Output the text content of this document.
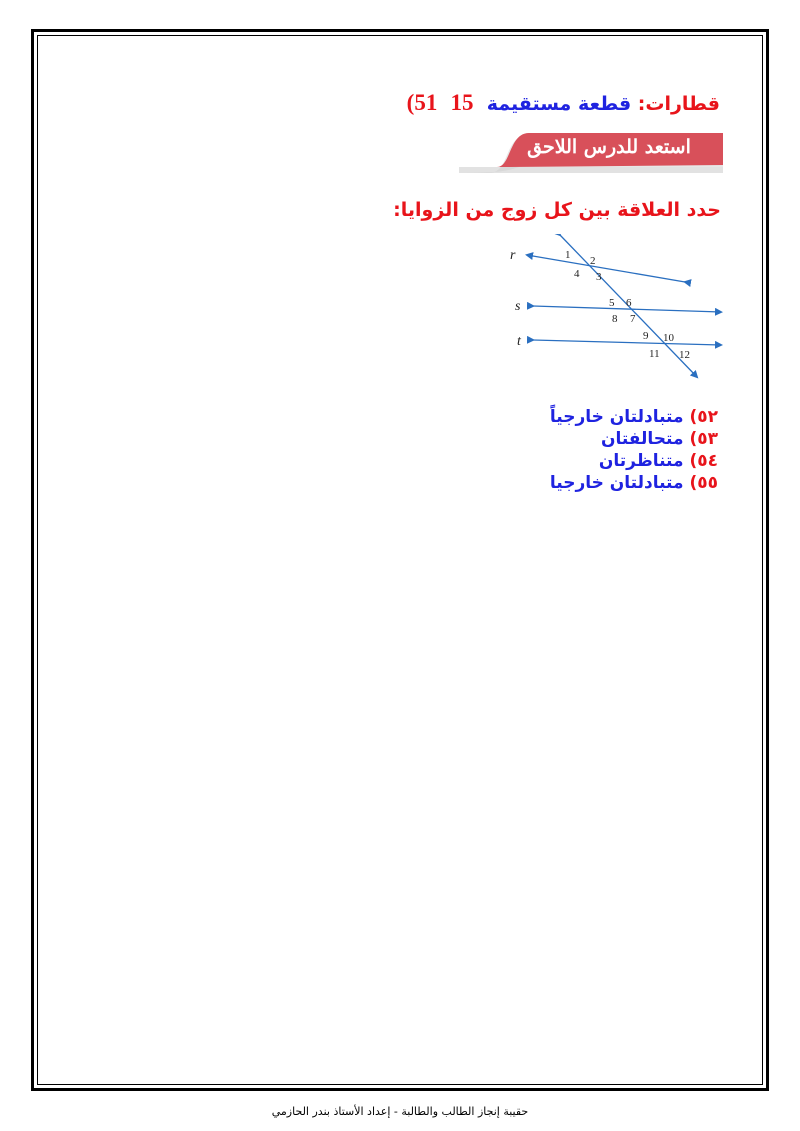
قطارات: قطعة مستقيمة  15  51)
استعد للدرس اللاحق
حدد العلاقة بين كل زوج من الزوايا:
r
s
t
1 2
3
4
5 6
7
8
9 10
11 12
٥٢) متبادلتان خارجياً
٥٣) متحالفتان
٥٤) متناظرتان
٥٥) متبادلتان خارجيا
حقيبة إنجاز الطالب والطالبة - إعداد الأستاذ بندر الحازمي
